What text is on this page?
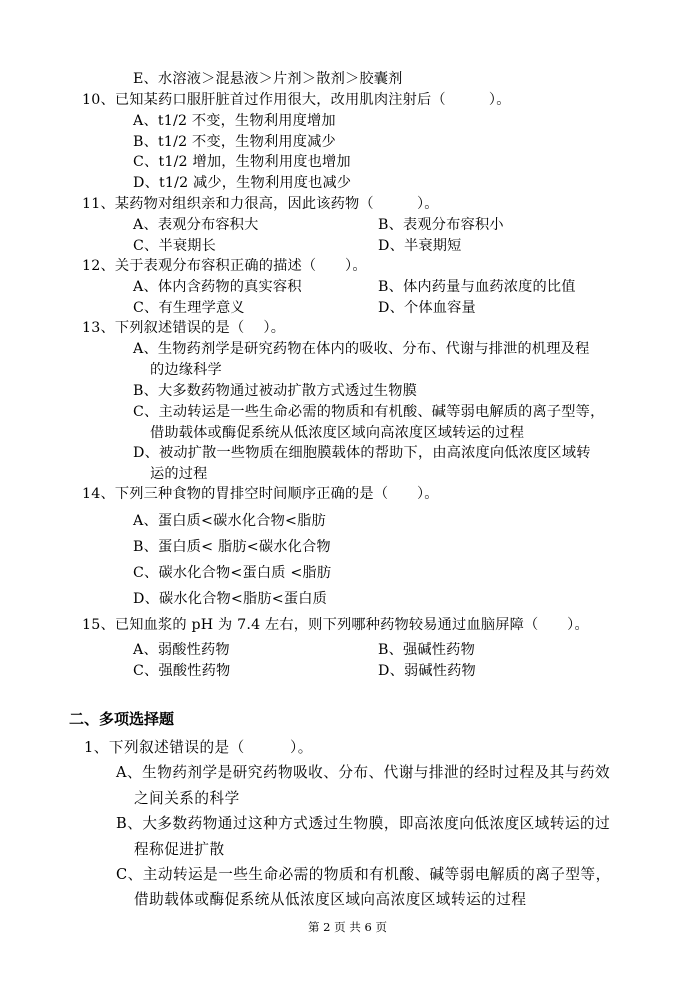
E、水溶液＞混悬液＞片剂＞散剂＞胶囊剂
10、已知某药口服肝脏首过作用很大，改用肌肉注射后（　　　）。
A、t1/2 不变，生物利用度增加
B、t1/2 不变，生物利用度减少
C、t1/2 增加，生物利用度也增加
D、t1/2 减少，生物利用度也减少
11、某药物对组织亲和力很高，因此该药物（　　　）。
A、表观分布容积大	B、表观分布容积小
C、半衰期长	D、半衰期短
12、关于表观分布容积正确的描述（　　）。
A、体内含药物的真实容积	B、体内药量与血药浓度的比值
C、有生理学意义	D、个体血容量
13、下列叙述错误的是（　 ）。
A、生物药剂学是研究药物在体内的吸收、分布、代谢与排泄的机理及程
的边缘科学
B、大多数药物通过被动扩散方式透过生物膜
C、主动转运是一些生命必需的物质和有机酸、碱等弱电解质的离子型等，
借助载体或酶促系统从低浓度区域向高浓度区域转运的过程
D、被动扩散一些物质在细胞膜载体的帮助下，由高浓度向低浓度区域转
运的过程
14、下列三种食物的胃排空时间顺序正确的是（　　）。
A、蛋白质<碳水化合物<脂肪
B、蛋白质< 脂肪<碳水化合物
C、碳水化合物<蛋白质 <脂肪
D、碳水化合物<脂肪<蛋白质
15、已知血浆的 pH 为 7.4 左右，则下列哪种药物较易通过血脑屏障（　　）。
A、弱酸性药物	B、强碱性药物
C、强酸性药物	D、弱碱性药物
二、多项选择题
1、下列叙述错误的是（　　　）。
A、生物药剂学是研究药物吸收、分布、代谢与排泄的经时过程及其与药效
之间关系的科学
B、大多数药物通过这种方式透过生物膜，即高浓度向低浓度区域转运的过
程称促进扩散
C、主动转运是一些生命必需的物质和有机酸、碱等弱电解质的离子型等，
借助载体或酶促系统从低浓度区域向高浓度区域转运的过程
第 2 页 共 6 页
